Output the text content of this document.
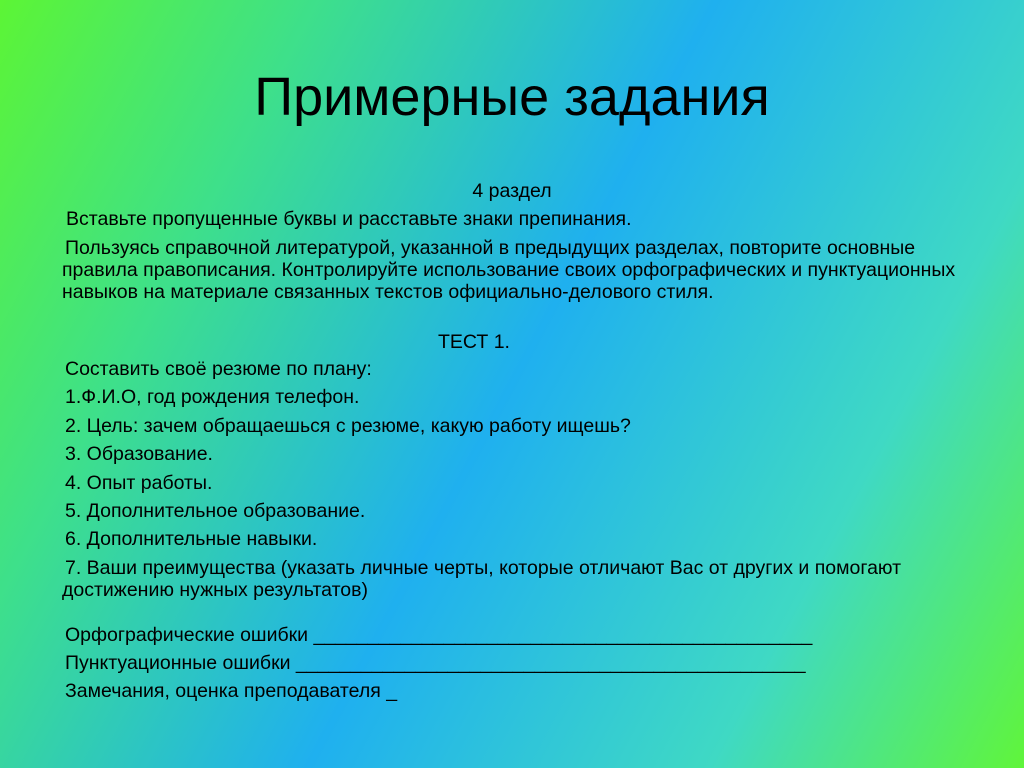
Примерные задания
4 раздел
Вставьте пропущенные буквы и расставьте знаки препинания.
Пользуясь справочной литературой, указанной в предыдущих разделах, повторите основные правила правописания. Контролируйте использование своих орфографических и пунктуационных навыков на материале связанных текстов официально-делового стиля.
ТЕСТ 1.
Составить своё резюме по плану:
1.Ф.И.О, год рождения телефон.
2. Цель: зачем обращаешься с резюме, какую работу ищешь?
3. Образование.
4. Опыт работы.
5. Дополнительное образование.
6. Дополнительные навыки.
7. Ваши преимущества (указать личные черты, которые отличают Вас от других и помогают достижению нужных результатов)
Орфографические ошибки ______________________________________________
Пунктуационные ошибки _______________________________________________
Замечания, оценка преподавателя _
